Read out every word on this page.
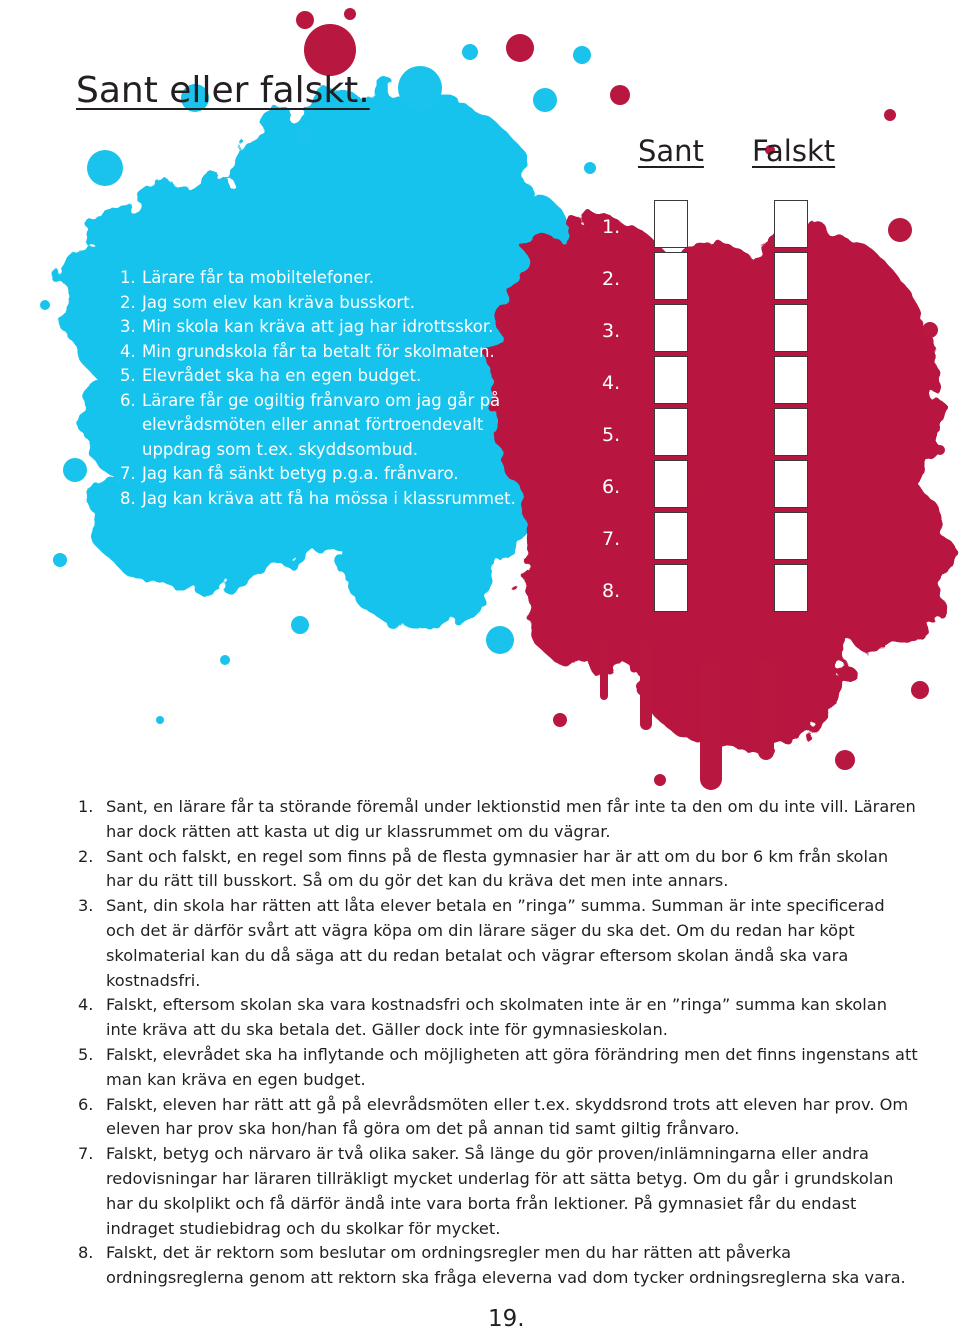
Sant eller falskt.
Sant Falskt
1. Lärare får ta mobiltelefoner.
2. Jag som elev kan kräva busskort.
3. Min skola kan kräva att jag har idrottsskor.
4. Min grundskola får ta betalt för skolmaten.
5. Elevrådet ska ha en egen budget.
6. Lärare får ge ogiltig frånvaro om jag går på elevrådsmöten eller annat förtroendevalt uppdrag som t.ex. skyddsombud.
7. Jag kan få sänkt betyg p.g.a. frånvaro.
8. Jag kan kräva att få ha mössa i klassrummet.
1.
2.
3.
4.
5.
6.
7.
8.
1. Sant, en lärare får ta störande föremål under lektionstid men får inte ta den om du inte vill. Läraren har dock rätten att kasta ut dig ur klassrummet om du vägrar.
2. Sant och falskt, en regel som finns på de flesta gymnasier har är att om du bor 6 km från skolan har du rätt till busskort. Så om du gör det kan du kräva det men inte annars.
3. Sant, din skola har rätten att låta elever betala en ”ringa” summa. Summan är inte specificerad och det är därför svårt att vägra köpa om din lärare säger du ska det. Om du redan har köpt skolmaterial kan du då säga att du redan betalat och vägrar eftersom skolan ändå ska vara kostnadsfri.
4. Falskt, eftersom skolan ska vara kostnadsfri och skolmaten inte är en ”ringa” summa kan skolan inte kräva att du ska betala det. Gäller dock inte för gymnasieskolan.
5. Falskt, elevrådet ska ha inflytande och möjligheten att göra förändring men det finns ingenstans att man kan kräva en egen budget.
6. Falskt, eleven har rätt att gå på elevrådsmöten eller t.ex. skyddsrond trots att eleven har prov. Om eleven har prov ska hon/han få göra om det på annan tid samt giltig frånvaro.
7. Falskt, betyg och närvaro är två olika saker. Så länge du gör proven/inlämningarna eller andra redovisningar har läraren tillräkligt mycket underlag för att sätta betyg. Om du går i grundskolan har du skolplikt och få därför ändå inte vara borta från lektioner. På gymnasiet får du endast indraget studiebidrag och du skolkar för mycket.
8. Falskt, det är rektorn som beslutar om ordningsregler men du har rätten att påverka ordningsreglerna genom att rektorn ska fråga eleverna vad dom tycker ordningsreglerna ska vara.
19.
